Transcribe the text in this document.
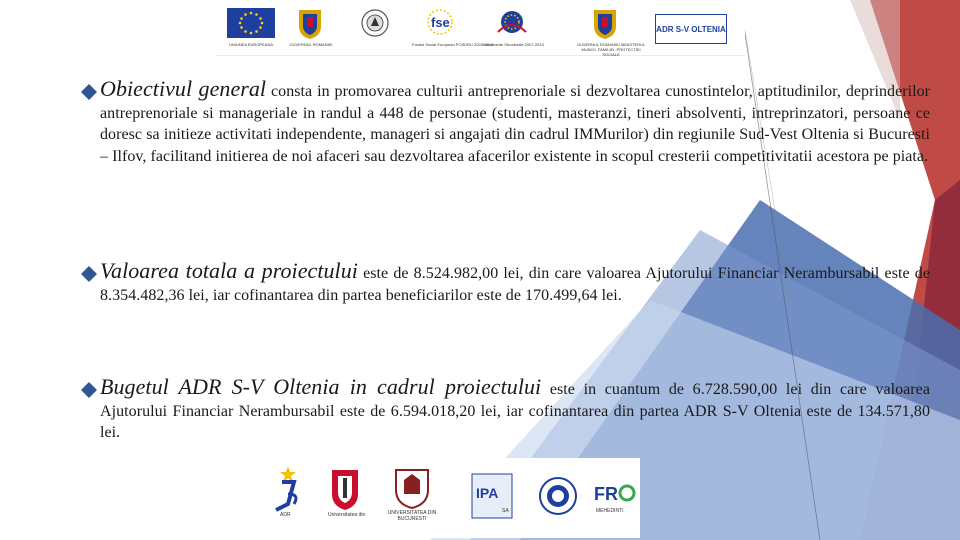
UNIUNEA EUROPEANA	GUVERNUL ROMANIEI
fse
Fondul Social European POSDRU 2007-2013
Instrumente Structurale 2007-2013	GUVERNUL ROMANIEI MINISTERUL MUNCII, FAMILIEI, PROTECTIEI SOCIALE
ADR S-V OLTENIA

Obiectivul general consta in promovarea culturii antreprenoriale si dezvoltarea cunostintelor, aptitudinilor, deprinderilor antreprenoriale si manageriale in randul a 448 de personae (studenti, masteranzi, tineri absolventi, intreprinzatori, persoane ce doresc sa initieze activitati independente, manageri si angajati din cadrul IMMurilor) din regiunile Sud-Vest Oltenia si Bucuresti – Ilfov, facilitand initierea de noi afaceri sau dezvoltarea afacerilor existente in scopul cresterii competitivitatii acestora pe piata.

Valoarea totala a proiectului este de 8.524.982,00 lei, din care valoarea Ajutorului Financiar Nerambursabil este de 8.354.482,36 lei, iar cofinantarea din partea beneficiarilor este de 170.499,64 lei.

Bugetul ADR S-V Oltenia in cadrul proiectului este in cuantum de 6.728.590,00 lei din care valoarea Ajutorului Financiar Nerambursabil este de 6.594.018,20 lei, iar cofinantarea din partea ADR S-V Oltenia este de 134.571,80 lei.

ADR	Universitatea din	UNIVERSITATEA DIN BUCURESTI
IPA
SA
FR
MEHEDINTI
